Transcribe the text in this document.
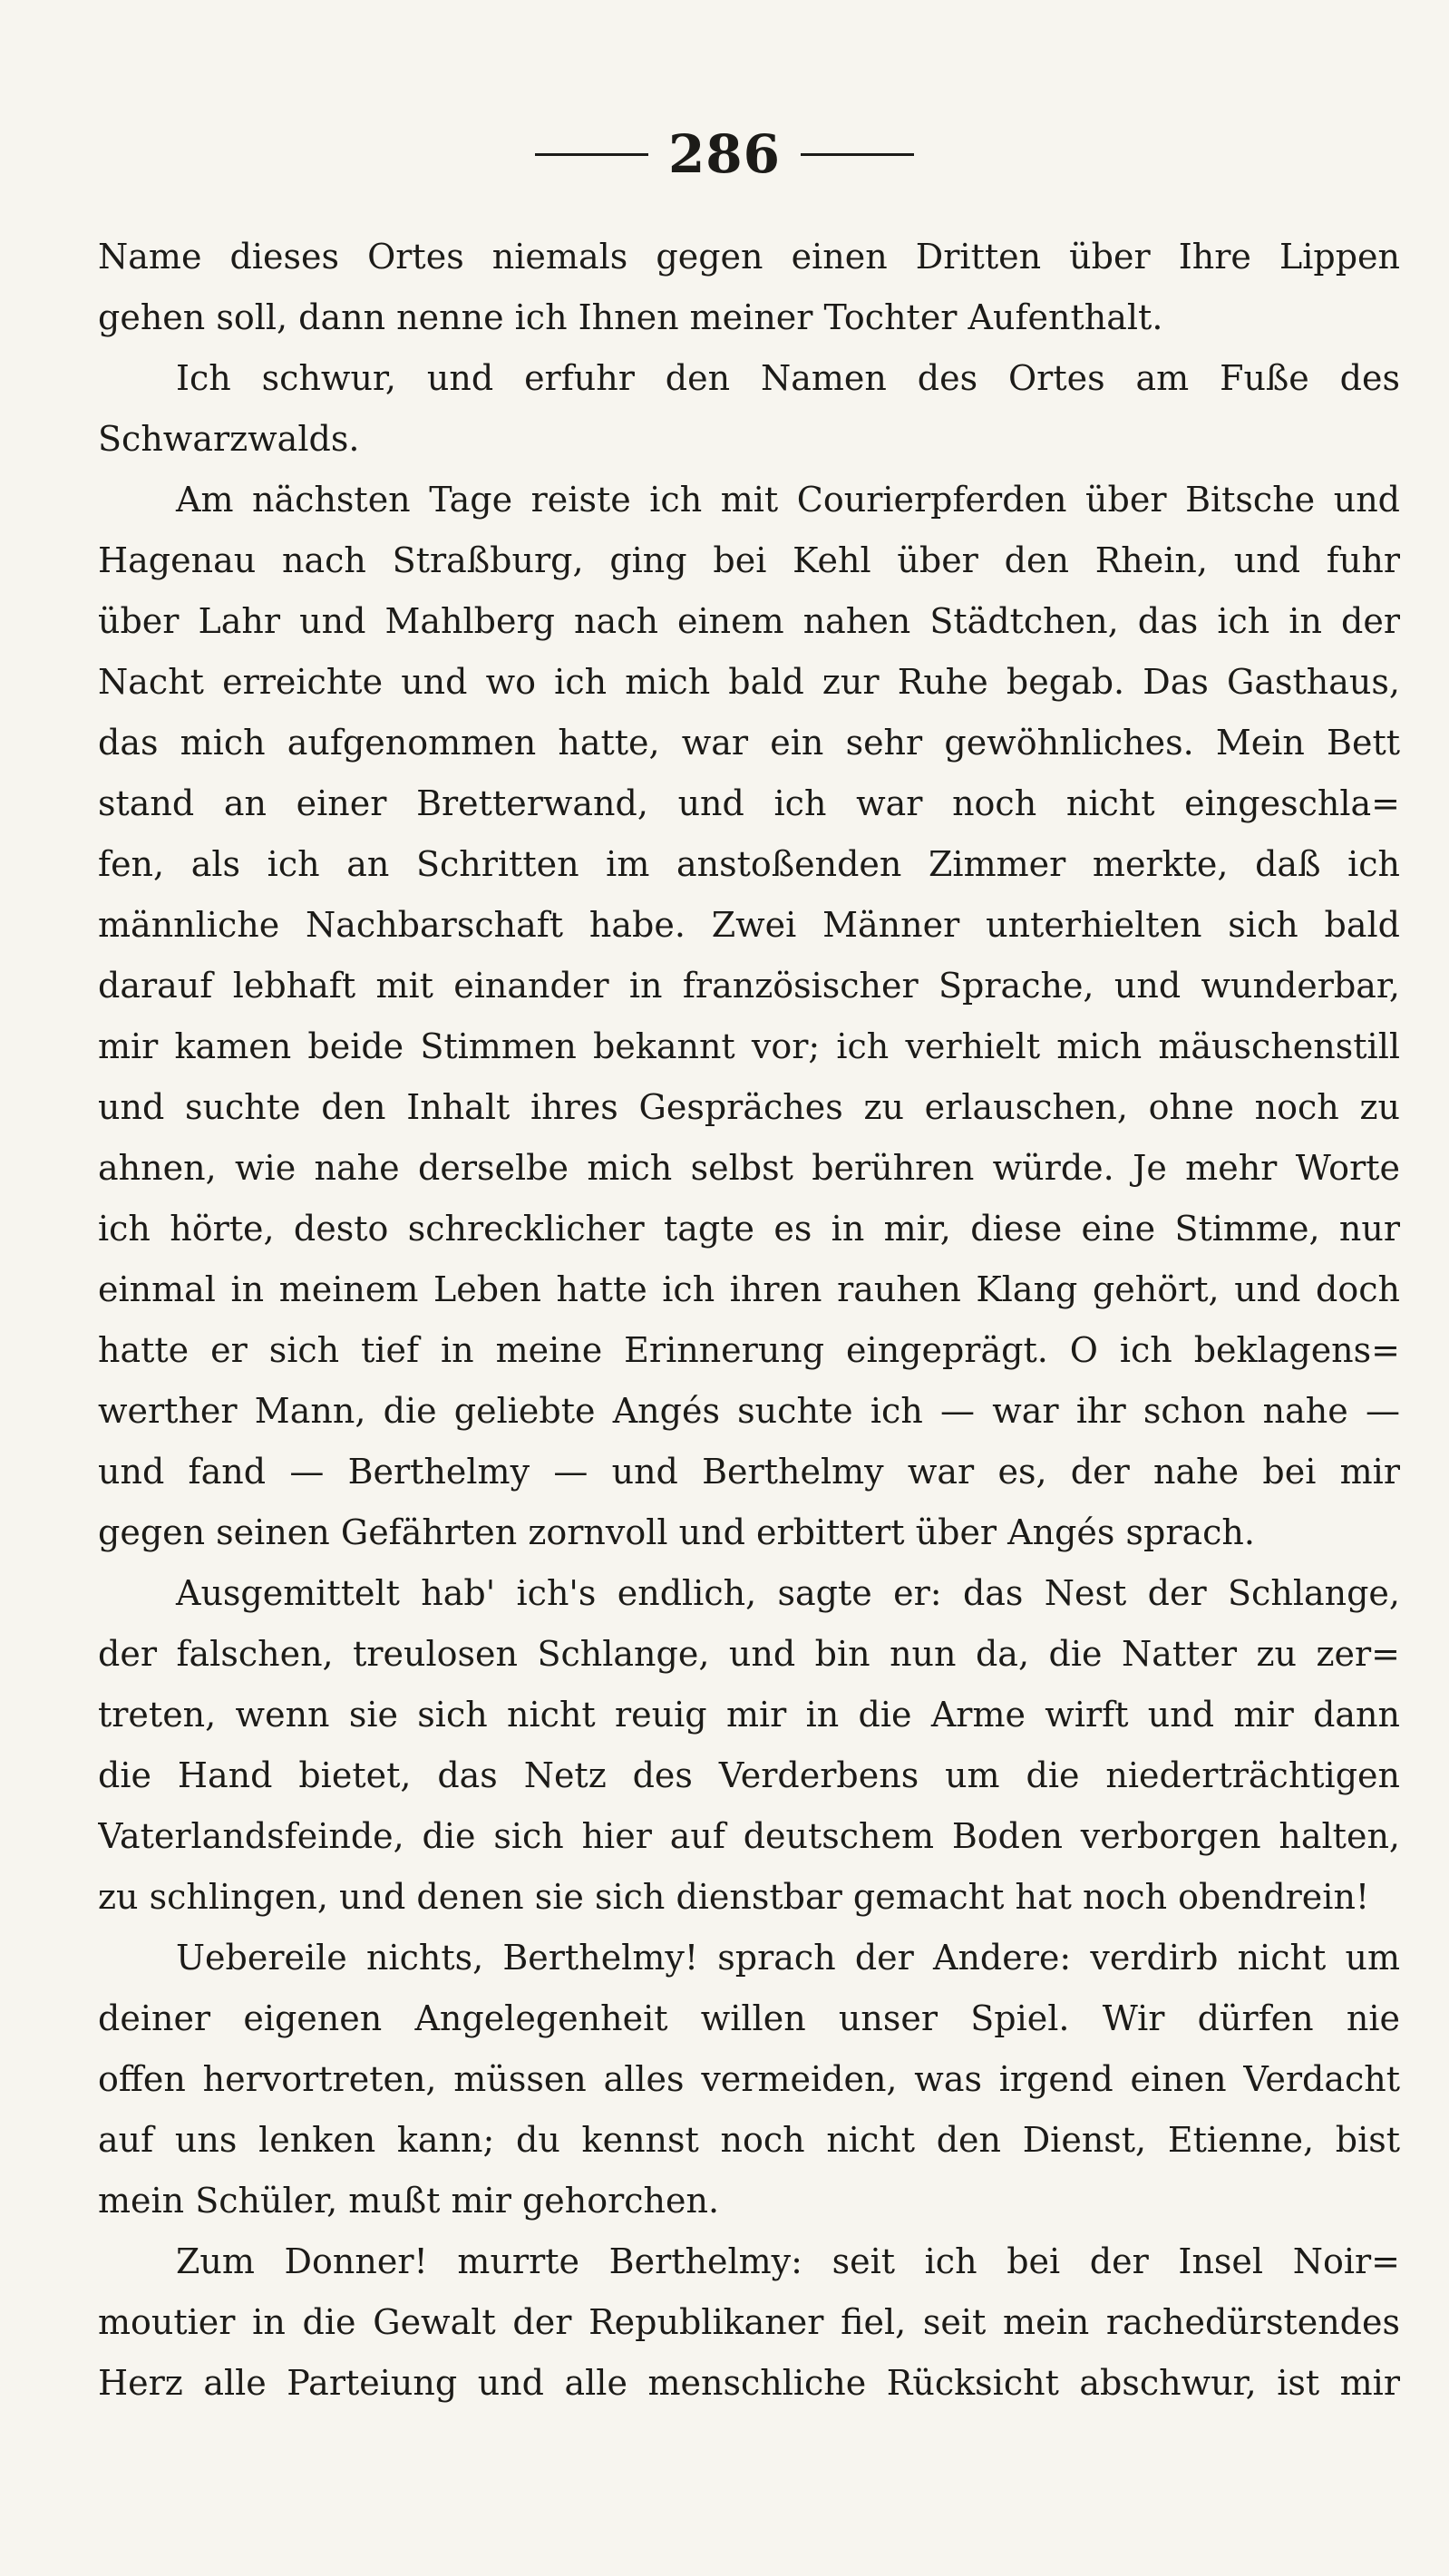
286
Name dieses Ortes niemals gegen einen Dritten über Ihre Lippen
gehen soll, dann nenne ich Ihnen meiner Tochter Aufenthalt.
Ich schwur, und erfuhr den Namen des Ortes am Fuße des
Schwarzwalds.
Am nächsten Tage reiste ich mit Courierpferden über Bitsche und
Hagenau nach Straßburg, ging bei Kehl über den Rhein, und fuhr
über Lahr und Mahlberg nach einem nahen Städtchen, das ich in der
Nacht erreichte und wo ich mich bald zur Ruhe begab. Das Gasthaus,
das mich aufgenommen hatte, war ein sehr gewöhnliches. Mein Bett
stand an einer Bretterwand, und ich war noch nicht eingeschla=
fen, als ich an Schritten im anstoßenden Zimmer merkte, daß ich
männliche Nachbarschaft habe. Zwei Männer unterhielten sich bald
darauf lebhaft mit einander in französischer Sprache, und wunderbar,
mir kamen beide Stimmen bekannt vor; ich verhielt mich mäuschenstill
und suchte den Inhalt ihres Gespräches zu erlauschen, ohne noch zu
ahnen, wie nahe derselbe mich selbst berühren würde. Je mehr Worte
ich hörte, desto schrecklicher tagte es in mir, diese eine Stimme, nur
einmal in meinem Leben hatte ich ihren rauhen Klang gehört, und doch
hatte er sich tief in meine Erinnerung eingeprägt. O ich beklagens=
werther Mann, die geliebte Angés suchte ich — war ihr schon nahe —
und fand — Berthelmy — und Berthelmy war es, der nahe bei mir
gegen seinen Gefährten zornvoll und erbittert über Angés sprach.
Ausgemittelt hab' ich's endlich, sagte er: das Nest der Schlange,
der falschen, treulosen Schlange, und bin nun da, die Natter zu zer=
treten, wenn sie sich nicht reuig mir in die Arme wirft und mir dann
die Hand bietet, das Netz des Verderbens um die niederträchtigen
Vaterlandsfeinde, die sich hier auf deutschem Boden verborgen halten,
zu schlingen, und denen sie sich dienstbar gemacht hat noch obendrein!
Uebereile nichts, Berthelmy! sprach der Andere: verdirb nicht um
deiner eigenen Angelegenheit willen unser Spiel. Wir dürfen nie
offen hervortreten, müssen alles vermeiden, was irgend einen Verdacht
auf uns lenken kann; du kennst noch nicht den Dienst, Etienne, bist
mein Schüler, mußt mir gehorchen.
Zum Donner! murrte Berthelmy: seit ich bei der Insel Noir=
moutier in die Gewalt der Republikaner fiel, seit mein rachedürstendes
Herz alle Parteiung und alle menschliche Rücksicht abschwur, ist mir
